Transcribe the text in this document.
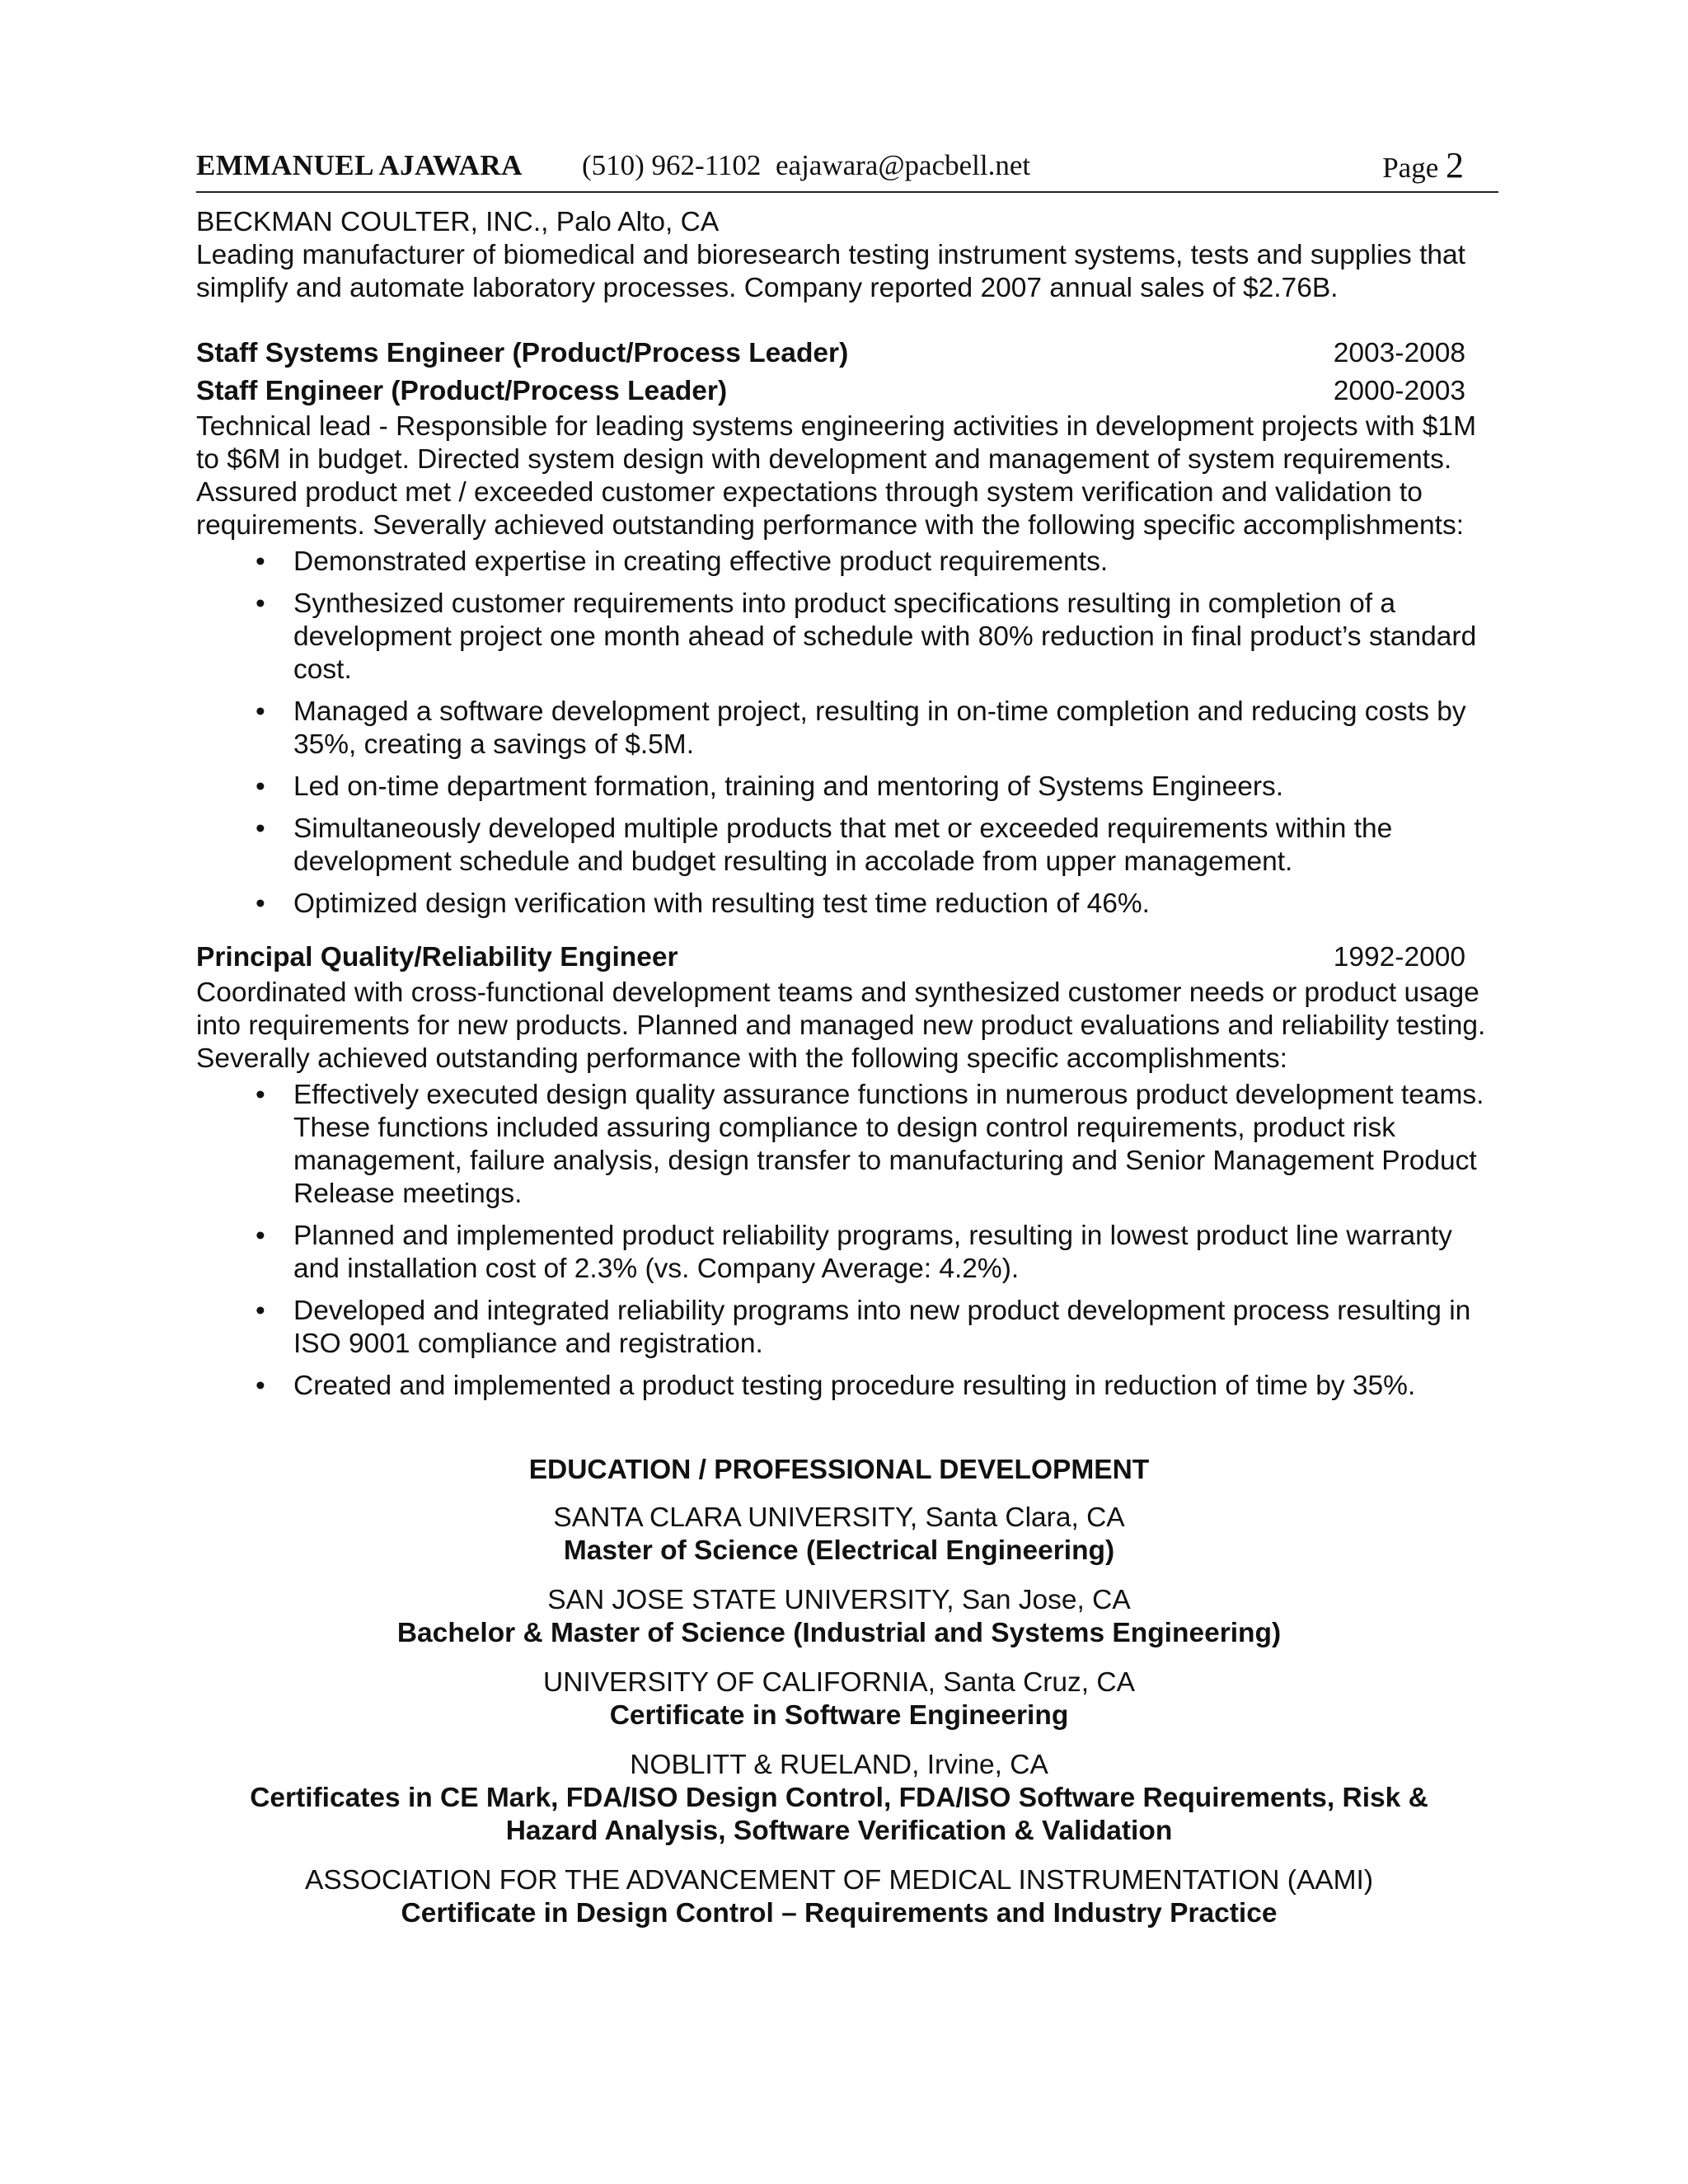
EMMANUEL AJAWARA (510) 962-1102 eajawara@pacbell.net	Page 2

BECKMAN COULTER, INC., Palo Alto, CA

Leading manufacturer of biomedical and bioresearch testing instrument systems, tests and supplies that simplify and automate laboratory processes. Company reported 2007 annual sales of $2.76B.

Staff Systems Engineer (Product/Process Leader)	2003-2008
Staff Engineer (Product/Process Leader)	2000-2003

Technical lead - Responsible for leading systems engineering activities in development projects with $1M to $6M in budget. Directed system design with development and management of system requirements. Assured product met / exceeded customer expectations through system verification and validation to requirements. Severally achieved outstanding performance with the following specific accomplishments:

• Demonstrated expertise in creating effective product requirements.
• Synthesized customer requirements into product specifications resulting in completion of a development project one month ahead of schedule with 80% reduction in final product’s standard cost.
• Managed a software development project, resulting in on-time completion and reducing costs by 35%, creating a savings of $.5M.
• Led on-time department formation, training and mentoring of Systems Engineers.
• Simultaneously developed multiple products that met or exceeded requirements within the development schedule and budget resulting in accolade from upper management.
• Optimized design verification with resulting test time reduction of 46%.
Principal Quality/Reliability Engineer	1992-2000

Coordinated with cross-functional development teams and synthesized customer needs or product usage into requirements for new products. Planned and managed new product evaluations and reliability testing. Severally achieved outstanding performance with the following specific accomplishments:

• Effectively executed design quality assurance functions in numerous product development teams. These functions included assuring compliance to design control requirements, product risk management, failure analysis, design transfer to manufacturing and Senior Management Product Release meetings.
• Planned and implemented product reliability programs, resulting in lowest product line warranty and installation cost of 2.3% (vs. Company Average: 4.2%).
• Developed and integrated reliability programs into new product development process resulting in ISO 9001 compliance and registration.
• Created and implemented a product testing procedure resulting in reduction of time by 35%.
EDUCATION / PROFESSIONAL DEVELOPMENT
SANTA CLARA UNIVERSITY, Santa Clara, CA
Master of Science (Electrical Engineering)
SAN JOSE STATE UNIVERSITY, San Jose, CA
Bachelor & Master of Science (Industrial and Systems Engineering)
UNIVERSITY OF CALIFORNIA, Santa Cruz, CA
Certificate in Software Engineering
NOBLITT & RUELAND, Irvine, CA
Certificates in CE Mark, FDA/ISO Design Control, FDA/ISO Software Requirements, Risk & Hazard Analysis, Software Verification & Validation
ASSOCIATION FOR THE ADVANCEMENT OF MEDICAL INSTRUMENTATION (AAMI)
Certificate in Design Control – Requirements and Industry Practice
